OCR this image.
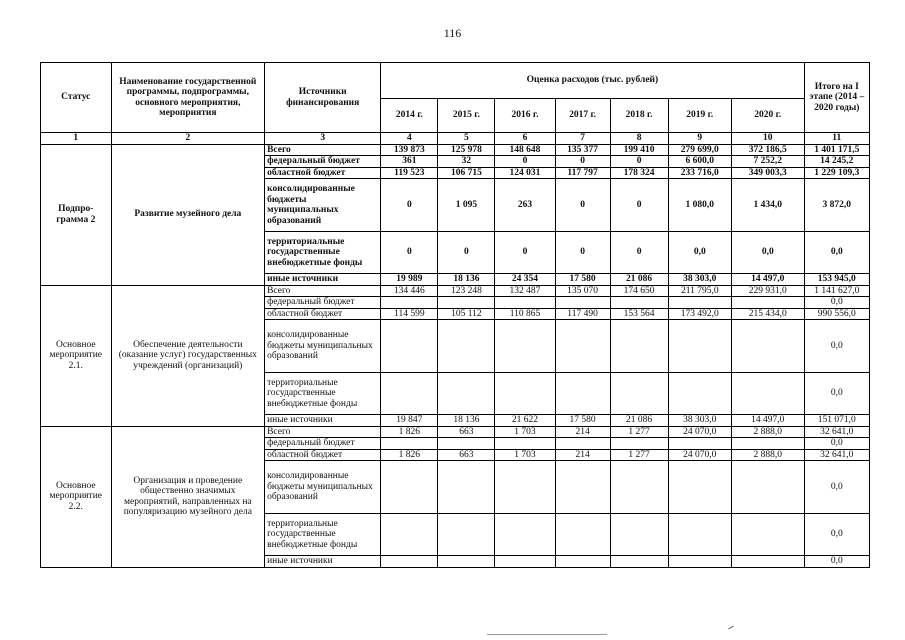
116
Статус	Наименование государственной программы, подпрограммы, основного мероприятия, мероприятия	Источники финансирования	Оценка расходов (тыс. рублей)							Итого на I этапе (2014 – 2020 годы)
			2014 г.	2015 г.	2016 г.	2017 г.	2018 г.	2019 г.	2020 г.	
1	2	3	4	5	6	7	8	9	10	11
Подпро-грамма 2	Развитие музейного дела	Всего	139 873	125 978	148 648	135 377	199 410	279 699,0	372 186,5	1 401 171,5
		федеральный бюджет	361	32	0	0	0	6 600,0	7 252,2	14 245,2
		областной бюджет	119 523	106 715	124 031	117 797	178 324	233 716,0	349 003,3	1 229 109,3
		консолидированные бюджеты муниципальных образований	0	1 095	263	0	0	1 080,0	1 434,0	3 872,0
		территориальные государственные внебюджетные фонды	0	0	0	0	0	0,0	0,0	0,0
		иные источники	19 989	18 136	24 354	17 580	21 086	38 303,0	14 497,0	153 945,0
Основное мероприятие 2.1.	Обеспечение деятельности (оказание услуг) государственных учреждений (организаций)	Всего	134 446	123 248	132 487	135 070	174 650	211 795,0	229 931,0	1 141 627,0
		федеральный бюджет								0,0
		областной бюджет	114 599	105 112	110 865	117 490	153 564	173 492,0	215 434,0	990 556,0
		консолидированные бюджеты муниципальных образований								0,0
		территориальные государственные внебюджетные фонды								0,0
		иные источники	19 847	18 136	21 622	17 580	21 086	38 303,0	14 497,0	151 071,0
Основное мероприятие 2.2.	Организация и проведение общественно значимых мероприятий, направленных на популяризацию музейного дела	Всего	1 826	663	1 703	214	1 277	24 070,0	2 888,0	32 641,0
		федеральный бюджет								0,0
		областной бюджет	1 826	663	1 703	214	1 277	24 070,0	2 888,0	32 641,0
		консолидированные бюджеты муниципальных образований								0,0
		территориальные государственные внебюджетные фонды								0,0
		иные источники								0,0
